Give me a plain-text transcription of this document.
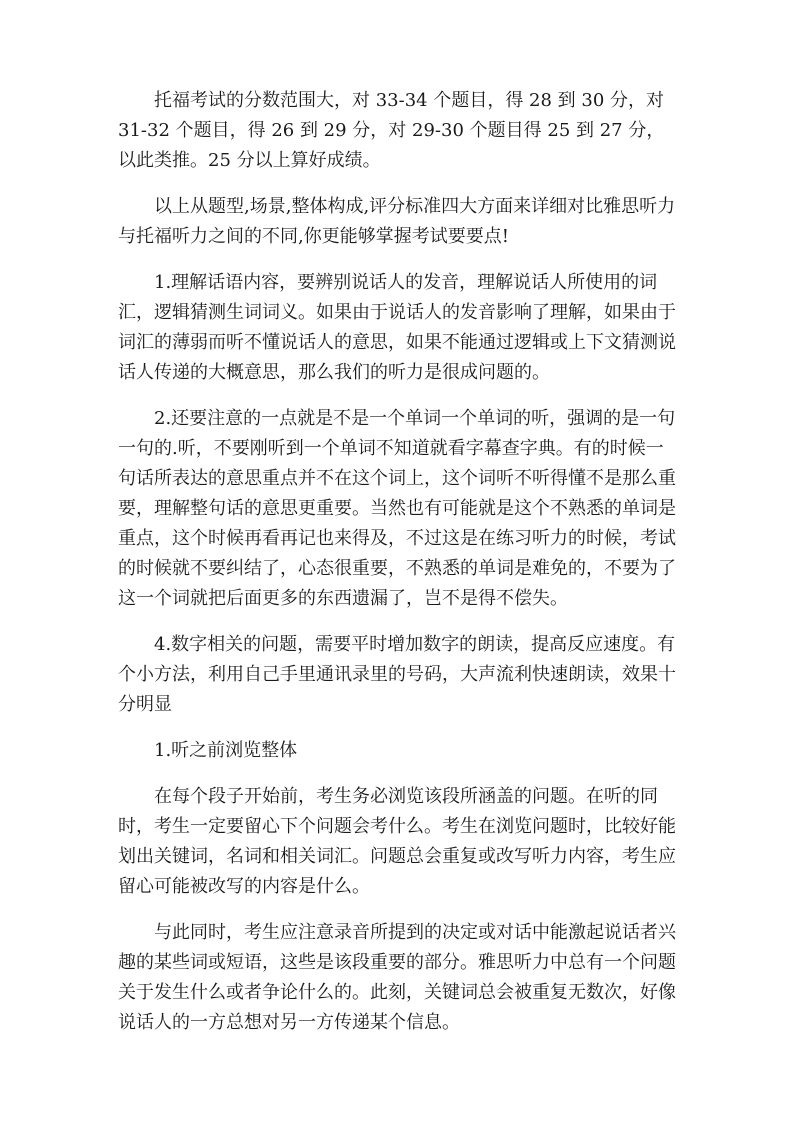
托福考试的分数范围大，对 33-34 个题目，得 28 到 30 分，对 31-32 个题目，得 26 到 29 分，对 29-30 个题目得 25 到 27 分，以此类推。25 分以上算好成绩。

以上从题型,场景,整体构成,评分标准四大方面来详细对比雅思听力与托福听力之间的不同,你更能够掌握考试要要点!

1.理解话语内容，要辨别说话人的发音，理解说话人所使用的词汇，逻辑猜测生词词义。如果由于说话人的发音影响了理解，如果由于词汇的薄弱而听不懂说话人的意思，如果不能通过逻辑或上下文猜测说话人传递的大概意思，那么我们的听力是很成问题的。

2.还要注意的一点就是不是一个单词一个单词的听，强调的是一句一句的.听，不要刚听到一个单词不知道就看字幕查字典。有的时候一句话所表达的意思重点并不在这个词上，这个词听不听得懂不是那么重要，理解整句话的意思更重要。当然也有可能就是这个不熟悉的单词是重点，这个时候再看再记也来得及，不过这是在练习听力的时候，考试的时候就不要纠结了，心态很重要，不熟悉的单词是难免的，不要为了这一个词就把后面更多的东西遗漏了，岂不是得不偿失。

4.数字相关的问题，需要平时增加数字的朗读，提高反应速度。有个小方法，利用自己手里通讯录里的号码，大声流利快速朗读，效果十分明显

1.听之前浏览整体

在每个段子开始前，考生务必浏览该段所涵盖的问题。在听的同时，考生一定要留心下个问题会考什么。考生在浏览问题时，比较好能划出关键词，名词和相关词汇。问题总会重复或改写听力内容，考生应留心可能被改写的内容是什么。

与此同时，考生应注意录音所提到的决定或对话中能激起说话者兴趣的某些词或短语，这些是该段重要的部分。雅思听力中总有一个问题关于发生什么或者争论什么的。此刻，关键词总会被重复无数次，好像说话人的一方总想对另一方传递某个信息。
